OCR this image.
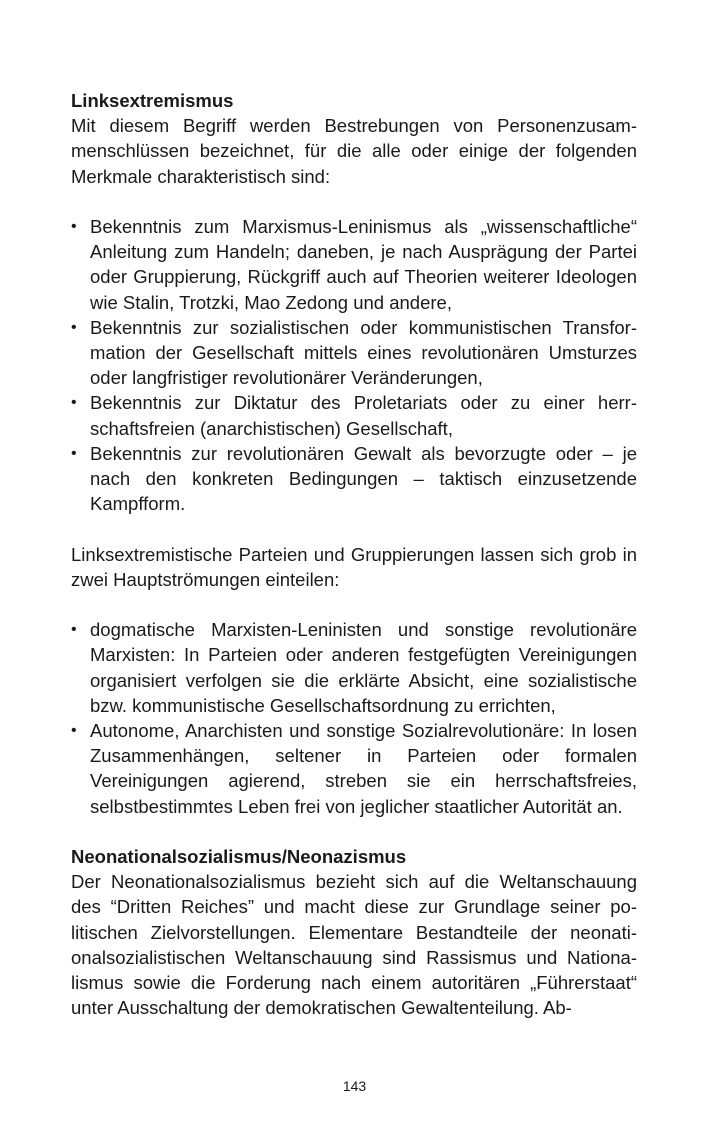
Linksextremismus

Mit diesem Begriff werden Bestrebungen von Personenzusammenschlüssen bezeichnet, für die alle oder einige der folgenden Merkmale charakteristisch sind:

• Bekenntnis zum Marxismus-Leninismus als „wissenschaftliche“ Anleitung zum Handeln; daneben, je nach Ausprägung der Partei oder Gruppierung, Rückgriff auch auf Theorien weiterer Ideologen wie Stalin, Trotzki, Mao Zedong und andere,
• Bekenntnis zur sozialistischen oder kommunistischen Transformation der Gesellschaft mittels eines revolutionären Umsturzes oder langfristiger revolutionärer Veränderungen,
• Bekenntnis zur Diktatur des Proletariats oder zu einer herrschaftsfreien (anarchistischen) Gesellschaft,
• Bekenntnis zur revolutionären Gewalt als bevorzugte oder – je nach den konkreten Bedingungen – taktisch einzusetzende Kampfform.

Linksextremistische Parteien und Gruppierungen lassen sich grob in zwei Hauptströmungen einteilen:

• dogmatische Marxisten-Leninisten und sonstige revolutionäre Marxisten: In Parteien oder anderen festgefügten Vereinigungen organisiert verfolgen sie die erklärte Absicht, eine sozialistische bzw. kommunistische Gesellschaftsordnung zu errichten,
• Autonome, Anarchisten und sonstige Sozialrevolutionäre: In losen Zusammenhängen, seltener in Parteien oder formalen Vereinigungen agierend, streben sie ein herrschaftsfreies, selbstbestimmtes Leben frei von jeglicher staatlicher Autorität an.

Neonationalsozialismus/Neonazismus

Der Neonationalsozialismus bezieht sich auf die Weltanschauung des “Dritten Reiches” und macht diese zur Grundlage seiner politischen Zielvorstellungen. Elementare Bestandteile der neonationalsozialistischen Weltanschauung sind Rassismus und Nationalismus sowie die Forderung nach einem autoritären „Führerstaat“ unter Ausschaltung der demokratischen Gewaltenteilung. Ab-

143
